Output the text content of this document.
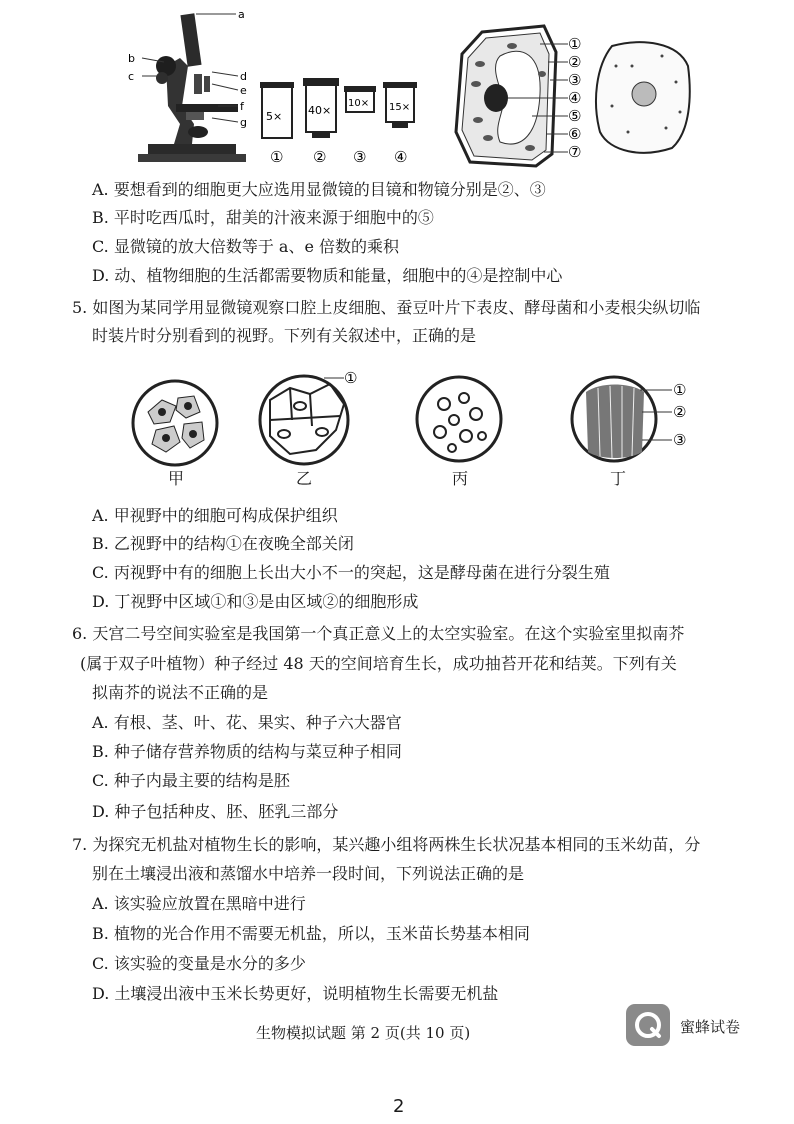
a
b
c	d
e
f
g 5× 40×
10× 15×
① ② ③ ④
①
②
③
④
⑤
⑥
⑦
A. 要想看到的细胞更大应选用显微镜的目镜和物镜分别是②、③
B. 平时吃西瓜时，甜美的汁液来源于细胞中的⑤
C. 显微镜的放大倍数等于 a、e 倍数的乘积
D. 动、植物细胞的生活都需要物质和能量，细胞中的④是控制中心
5. 如图为某同学用显微镜观察口腔上皮细胞、蚕豆叶片下表皮、酵母菌和小麦根尖纵切临
时装片时分别看到的视野。下列有关叙述中，正确的是
①
①
②
③
甲	乙	丙	丁
A. 甲视野中的细胞可构成保护组织
B. 乙视野中的结构①在夜晚全部关闭
C. 丙视野中有的细胞上长出大小不一的突起，这是酵母菌在进行分裂生殖
D. 丁视野中区域①和③是由区域②的细胞形成
6. 天宫二号空间实验室是我国第一个真正意义上的太空实验室。在这个实验室里拟南芥
(属于双子叶植物）种子经过 48 天的空间培育生长，成功抽苔开花和结荚。下列有关
拟南芥的说法不正确的是
A. 有根、茎、叶、花、果实、种子六大器官
B. 种子储存营养物质的结构与菜豆种子相同
C. 种子内最主要的结构是胚
D. 种子包括种皮、胚、胚乳三部分
7. 为探究无机盐对植物生长的影响，某兴趣小组将两株生长状况基本相同的玉米幼苗，分
别在土壤浸出液和蒸馏水中培养一段时间，下列说法正确的是
A. 该实验应放置在黑暗中进行
B. 植物的光合作用不需要无机盐，所以，玉米苗长势基本相同
C. 该实验的变量是水分的多少
D. 土壤浸出液中玉米长势更好，说明植物生长需要无机盐
生物模拟试题 第 2 页(共 10 页)	蜜蜂试卷
2
